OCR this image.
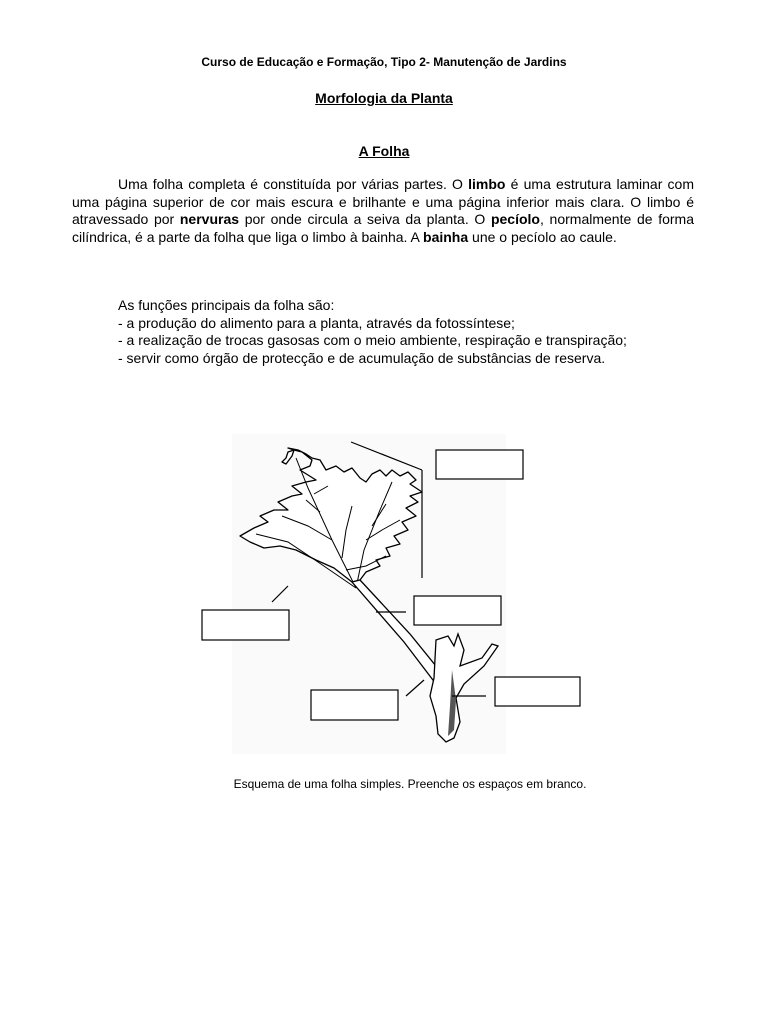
Curso de Educação e Formação, Tipo 2- Manutenção de Jardins
Morfologia da Planta
A Folha

Uma folha completa é constituída por várias partes. O limbo é uma estrutura laminar com uma página superior de cor mais escura e brilhante e uma página inferior mais clara. O limbo é atravessado por nervuras por onde circula a seiva da planta. O pecíolo, normalmente de forma cilíndrica, é a parte da folha que liga o limbo à bainha. A bainha une o pecíolo ao caule.

As funções principais da folha são:
- a produção do alimento para a planta, através da fotossíntese;
- a realização de trocas gasosas com o meio ambiente, respiração e transpiração;
- servir como órgão de protecção e de acumulação de substâncias de reserva.
Esquema de uma folha simples. Preenche os espaços em branco.
